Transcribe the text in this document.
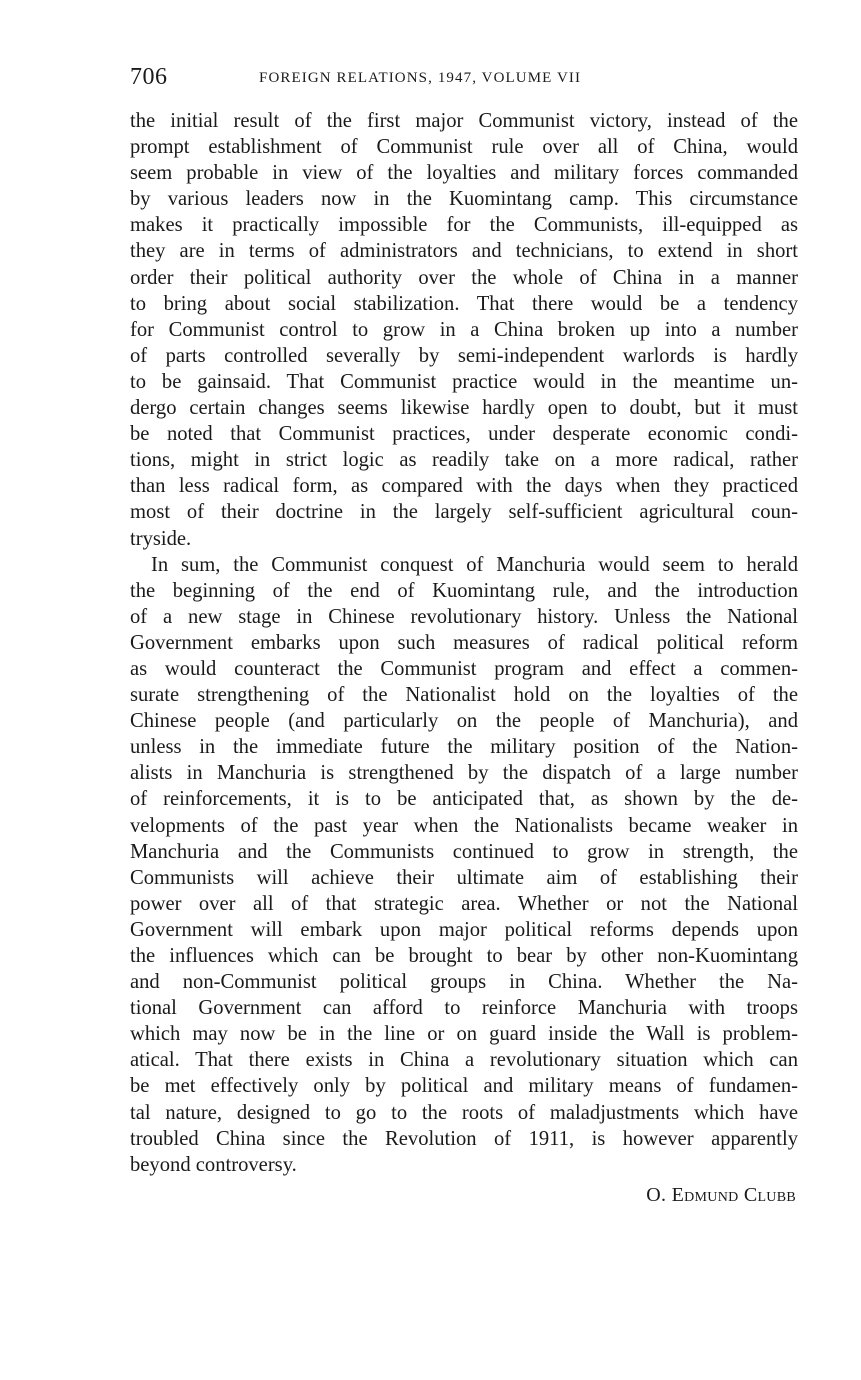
706	FOREIGN RELATIONS, 1947, VOLUME VII
the initial result of the first major Communist victory, instead of the
prompt establishment of Communist rule over all of China, would
seem probable in view of the loyalties and military forces commanded
by various leaders now in the Kuomintang camp. This circumstance
makes it practically impossible for the Communists, ill-equipped as
they are in terms of administrators and technicians, to extend in short
order their political authority over the whole of China in a manner
to bring about social stabilization. That there would be a tendency
for Communist control to grow in a China broken up into a number
of parts controlled severally by semi-independent warlords is hardly
to be gainsaid. That Communist practice would in the meantime un-
dergo certain changes seems likewise hardly open to doubt, but it must
be noted that Communist practices, under desperate economic condi-
tions, might in strict logic as readily take on a more radical, rather
than less radical form, as compared with the days when they practiced
most of their doctrine in the largely self-sufficient agricultural coun-
tryside.
In sum, the Communist conquest of Manchuria would seem to herald
the beginning of the end of Kuomintang rule, and the introduction
of a new stage in Chinese revolutionary history. Unless the National
Government embarks upon such measures of radical political reform
as would counteract the Communist program and effect a commen-
surate strengthening of the Nationalist hold on the loyalties of the
Chinese people (and particularly on the people of Manchuria), and
unless in the immediate future the military position of the Nation-
alists in Manchuria is strengthened by the dispatch of a large number
of reinforcements, it is to be anticipated that, as shown by the de-
velopments of the past year when the Nationalists became weaker in
Manchuria and the Communists continued to grow in strength, the
Communists will achieve their ultimate aim of establishing their
power over all of that strategic area. Whether or not the National
Government will embark upon major political reforms depends upon
the influences which can be brought to bear by other non-Kuomintang
and non-Communist political groups in China. Whether the Na-
tional Government can afford to reinforce Manchuria with troops
which may now be in the line or on guard inside the Wall is problem-
atical. That there exists in China a revolutionary situation which can
be met effectively only by political and military means of fundamen-
tal nature, designed to go to the roots of maladjustments which have
troubled China since the Revolution of 1911, is however apparently
beyond controversy.
O. Edmund Clubb
